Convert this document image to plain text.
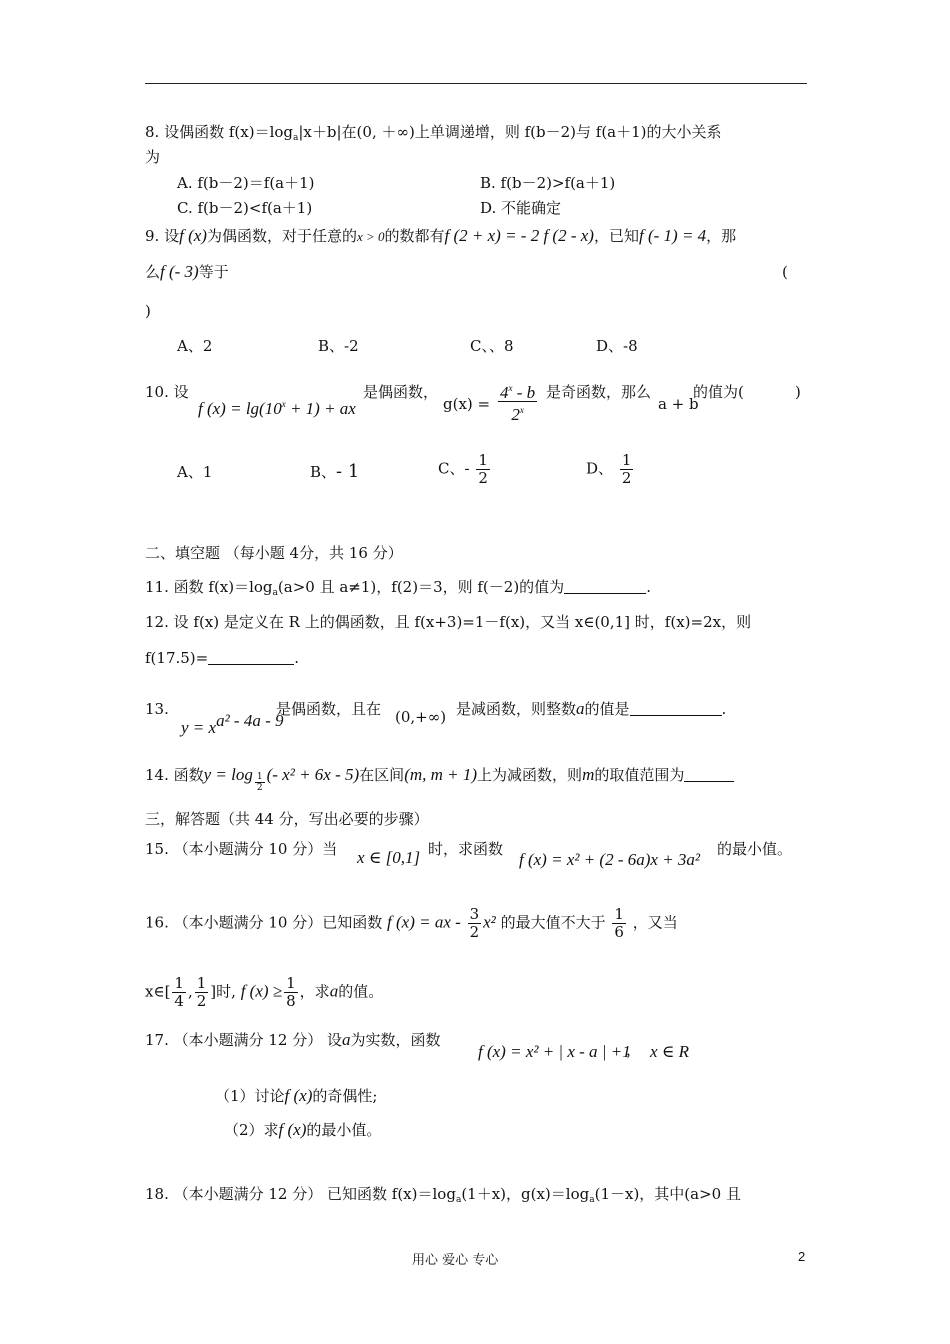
8. 设偶函数 $f(x)=\log_a|x+b|$在(0, ＋∞)上单调递增，则 f(b－2)与 f(a＋1)的大小关系
为
A. f(b－2)＝f(a＋1)	B. f(b－2)>f(a＋1)
C. f(b－2)<f(a＋1)	D. 不能确定
9. 设f (x)为偶函数，对于任意的x > 0的数都有f (2 + x) = - 2 f (2 - x)，已知f (- 1) = 4，那
么f (- 3)等于	(
)
A、2	B、-2	C、、8	D、-8
10. 设
f $(x) = \lg(10^x + 1)$ + ax
是偶函数，
$g(x) = \frac{4^x - b}{2^x}$ 是奇函数，那么
a + b
的值为(	)
A、1	B、- 1	C、- $\frac{1}{2}$	D、 $\frac{1}{2}$
二、填空题 （每小题 4分，共 16 分）
11. 函数 $f(x)=\log_a(a>0$ 且 a≠1)，f(2)＝3，则 f(－2)的值为	.
12. 设 f(x) 是定义在 R 上的偶函数，且 f(x+3)=1－f(x)，又当 x∈(0,1] 时，f(x)=2x，则
f(17.5)=	.
13.
y = xa² - 4a - 9
是偶函数，且在 (0,+∞) 是减函数，则整数a的值是	.
14. 函数$y = \log \frac{1}{2}$ (- x² + 6x - 5)在区间(m, m + 1)上为减函数，则m的取值范围为
三，解答题（共 44 分，写出必要的步骤）
15. （本小题满分 10 分）当 x ∈ [0,1] 时，求函数
f (x) = x² + (2 - 6a)x + 3a²
的最小值。
16. （本小题满分 10 分）已知函数 f (x) = ax - $\frac{3}{2} x^2$ 的最大值不大于 $\frac{1}{6}$ ，又当
x∈[ $\frac{1}{4}$ , $\frac{1}{2}$ ]时, f $(x) \ge \frac{1}{8}$ ，求a的值。
17. （本小题满分 12 分） 设a为实数，函数
f (x) = x² + | x - a | +1
， x ∈ R
（1）讨论f (x)的奇偶性;
（2）求f (x)的最小值。
18. （本小题满分 12 分） 已知函数 $f(x)=\log_a(1+x)$，$g(x)=\log_a(1-x)$，其中(a>0 且
用心 爱心 专心	2
